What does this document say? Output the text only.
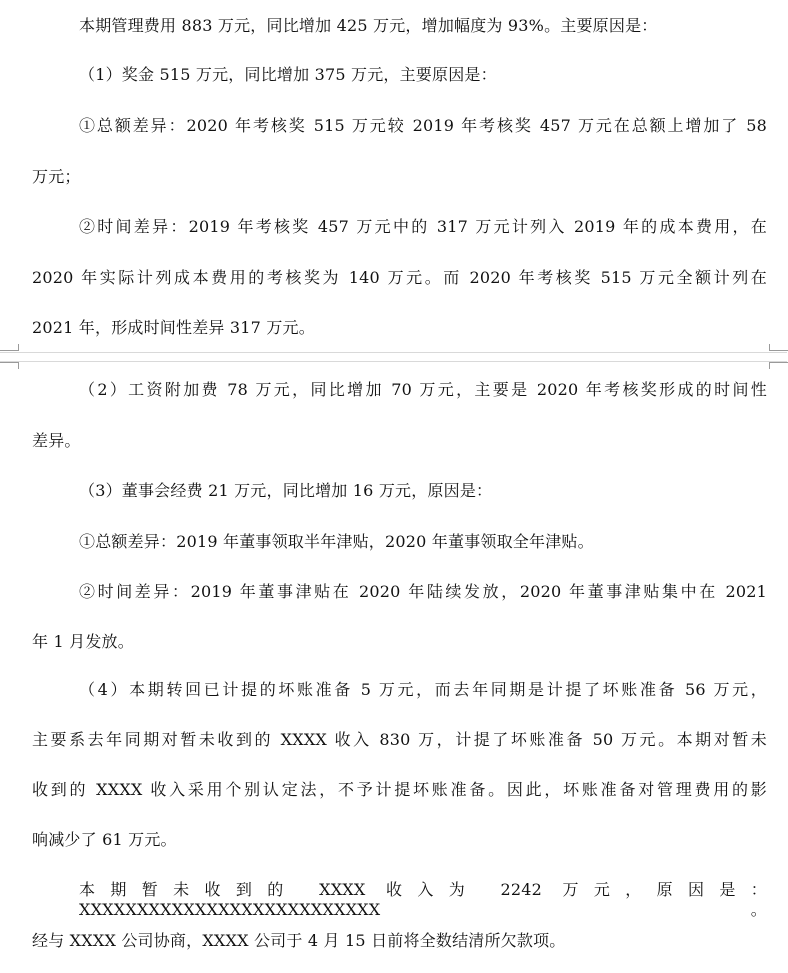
本期管理费用 883 万元，同比增加 425 万元，增加幅度为 93%。主要原因是：
（1）奖金 515 万元，同比增加 375 万元，主要原因是：
①总额差异：2020 年考核奖 515 万元较 2019 年考核奖 457 万元在总额上增加了 58
万元；
②时间差异：2019 年考核奖 457 万元中的 317 万元计列入 2019 年的成本费用，在
2020 年实际计列成本费用的考核奖为 140 万元。而 2020 年考核奖 515 万元全额计列在
2021 年，形成时间性差异 317 万元。
（2）工资附加费 78 万元，同比增加 70 万元，主要是 2020 年考核奖形成的时间性
差异。
（3）董事会经费 21 万元，同比增加 16 万元，原因是：
①总额差异：2019 年董事领取半年津贴，2020 年董事领取全年津贴。
②时间差异：2019 年董事津贴在 2020 年陆续发放，2020 年董事津贴集中在 2021
年 1 月发放。
（4）本期转回已计提的坏账准备 5 万元，而去年同期是计提了坏账准备 56 万元，
主要系去年同期对暂未收到的 XXXX 收入 830 万，计提了坏账准备 50 万元。本期对暂未
收到的 XXXX 收入采用个别认定法，不予计提坏账准备。因此，坏账准备对管理费用的影
响减少了 61 万元。
本期暂未收到的 XXXX 收入为 2242 万元，原因是：XXXXXXXXXXXXXXXXXXXXXXXXXX。
经与 XXXX 公司协商，XXXX 公司于 4 月 15 日前将全数结清所欠款项。
